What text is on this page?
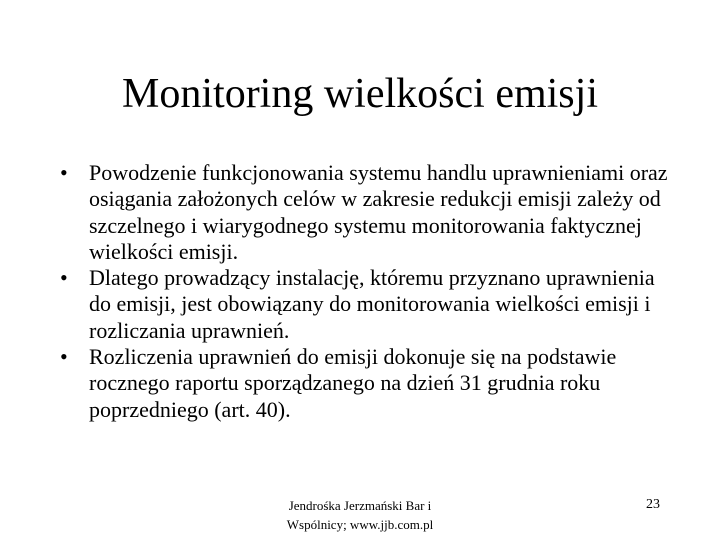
Monitoring wielkości emisji
• Powodzenie funkcjonowania systemu handlu uprawnieniami oraz osiągania założonych celów w zakresie redukcji emisji zależy od szczelnego i wiarygodnego systemu monitorowania faktycznej wielkości emisji.
• Dlatego prowadzący instalację, któremu przyznano uprawnienia do emisji, jest obowiązany do monitorowania wielkości emisji i rozliczania uprawnień.
• Rozliczenia uprawnień do emisji dokonuje się na podstawie rocznego raportu sporządzanego na dzień 31 grudnia roku poprzedniego (art. 40).
Jendrośka Jerzmański Bar i
Wspólnicy; www.jjb.com.pl
23
